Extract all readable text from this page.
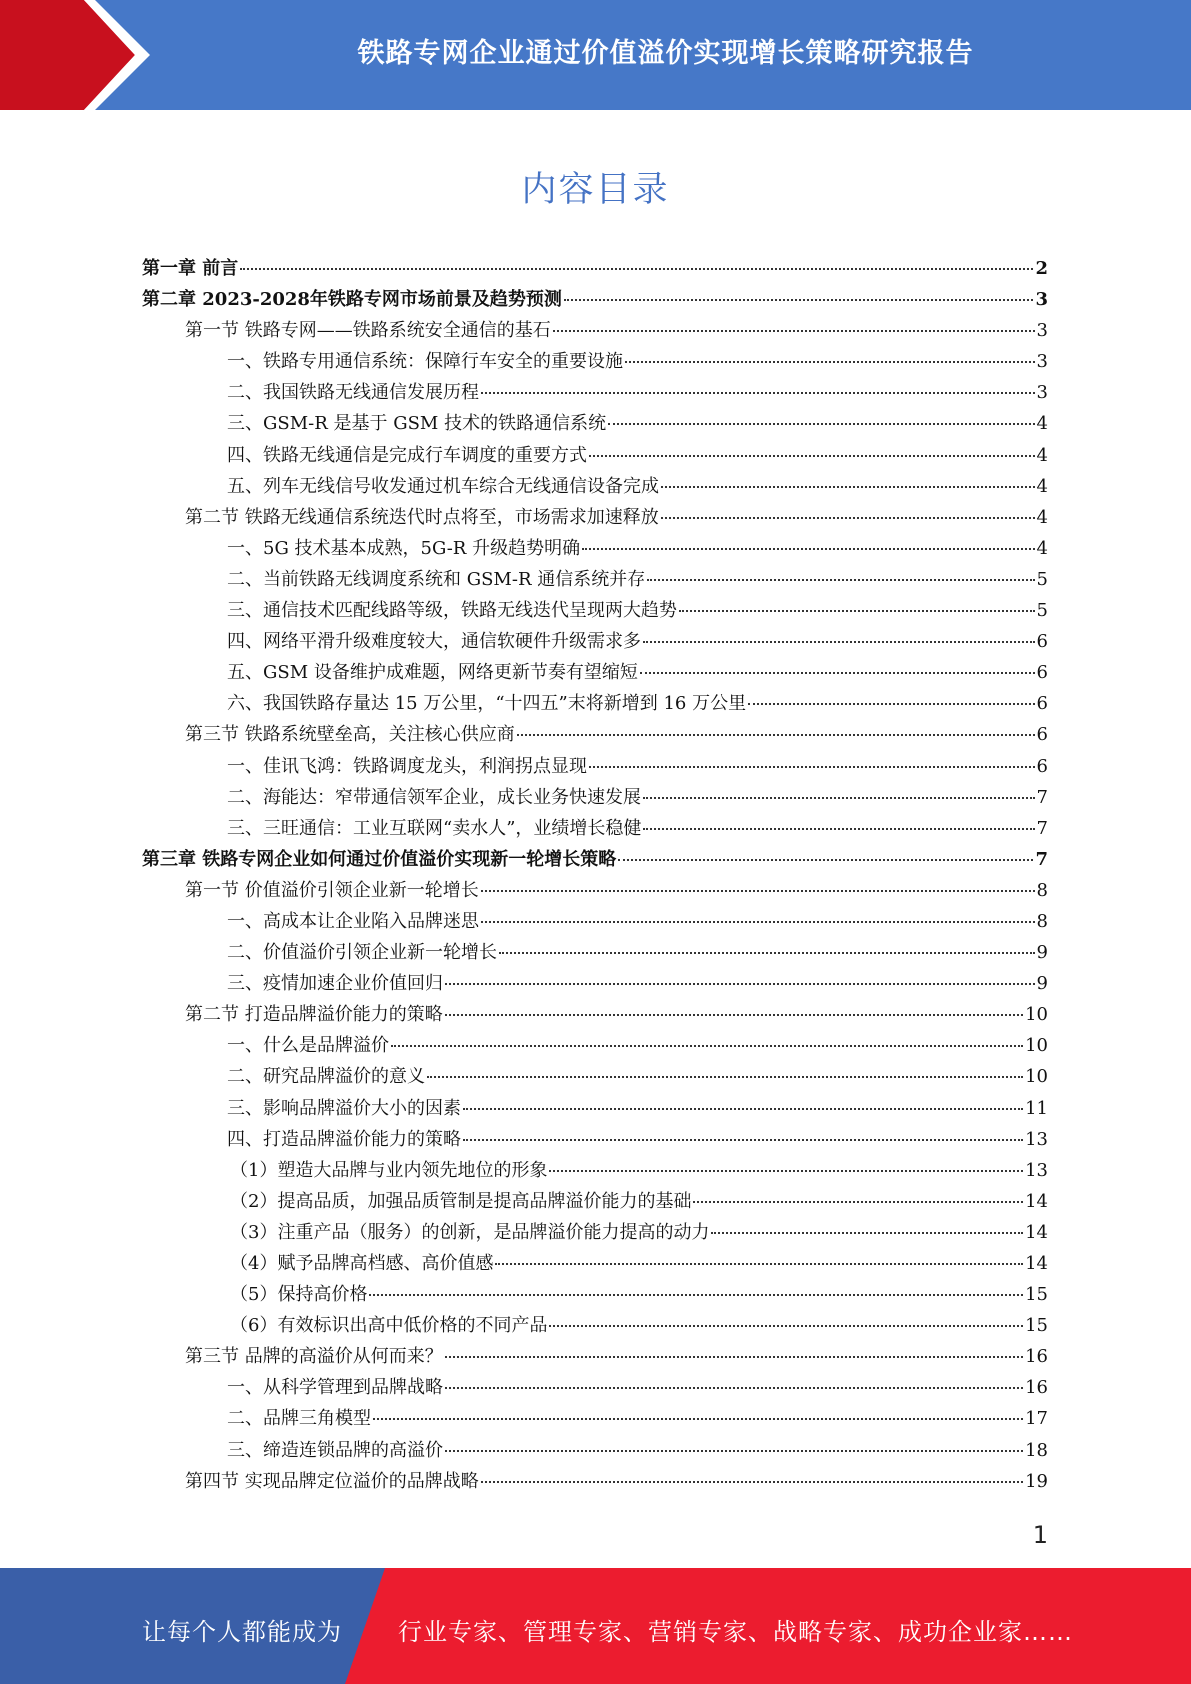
铁路专网企业通过价值溢价实现增长策略研究报告
内容目录
第一章 前言	2
第二章 2023-2028年铁路专网市场前景及趋势预测	3
第一节 铁路专网——铁路系统安全通信的基石	3
一、铁路专用通信系统：保障行车安全的重要设施	3
二、我国铁路无线通信发展历程	3
三、GSM-R 是基于 GSM 技术的铁路通信系统	4
四、铁路无线通信是完成行车调度的重要方式	4
五、列车无线信号收发通过机车综合无线通信设备完成	4
第二节 铁路无线通信系统迭代时点将至，市场需求加速释放	4
一、5G 技术基本成熟，5G-R 升级趋势明确	4
二、当前铁路无线调度系统和 GSM-R 通信系统并存	5
三、通信技术匹配线路等级，铁路无线迭代呈现两大趋势	5
四、网络平滑升级难度较大，通信软硬件升级需求多	6
五、GSM 设备维护成难题，网络更新节奏有望缩短	6
六、我国铁路存量达 15 万公里，“十四五”末将新增到 16 万公里	6
第三节 铁路系统壁垒高，关注核心供应商	6
一、佳讯飞鸿：铁路调度龙头，利润拐点显现	6
二、海能达：窄带通信领军企业，成长业务快速发展	7
三、三旺通信：工业互联网“卖水人”，业绩增长稳健	7
第三章 铁路专网企业如何通过价值溢价实现新一轮增长策略	7
第一节 价值溢价引领企业新一轮增长	8
一、高成本让企业陷入品牌迷思	8
二、价值溢价引领企业新一轮增长	9
三、疫情加速企业价值回归	9
第二节 打造品牌溢价能力的策略	10
一、什么是品牌溢价	10
二、研究品牌溢价的意义	10
三、影响品牌溢价大小的因素	11
四、打造品牌溢价能力的策略	13
（1）塑造大品牌与业内领先地位的形象	13
（2）提高品质，加强品质管制是提高品牌溢价能力的基础	14
（3）注重产品（服务）的创新，是品牌溢价能力提高的动力	14
（4）赋予品牌高档感、高价值感	14
（5）保持高价格	15
（6）有效标识出高中低价格的不同产品	15
第三节 品牌的高溢价从何而来？	16
一、从科学管理到品牌战略	16
二、品牌三角模型	17
三、缔造连锁品牌的高溢价	18
第四节 实现品牌定位溢价的品牌战略	19
1
让每个人都能成为 行业专家、管理专家、营销专家、战略专家、成功企业家……
